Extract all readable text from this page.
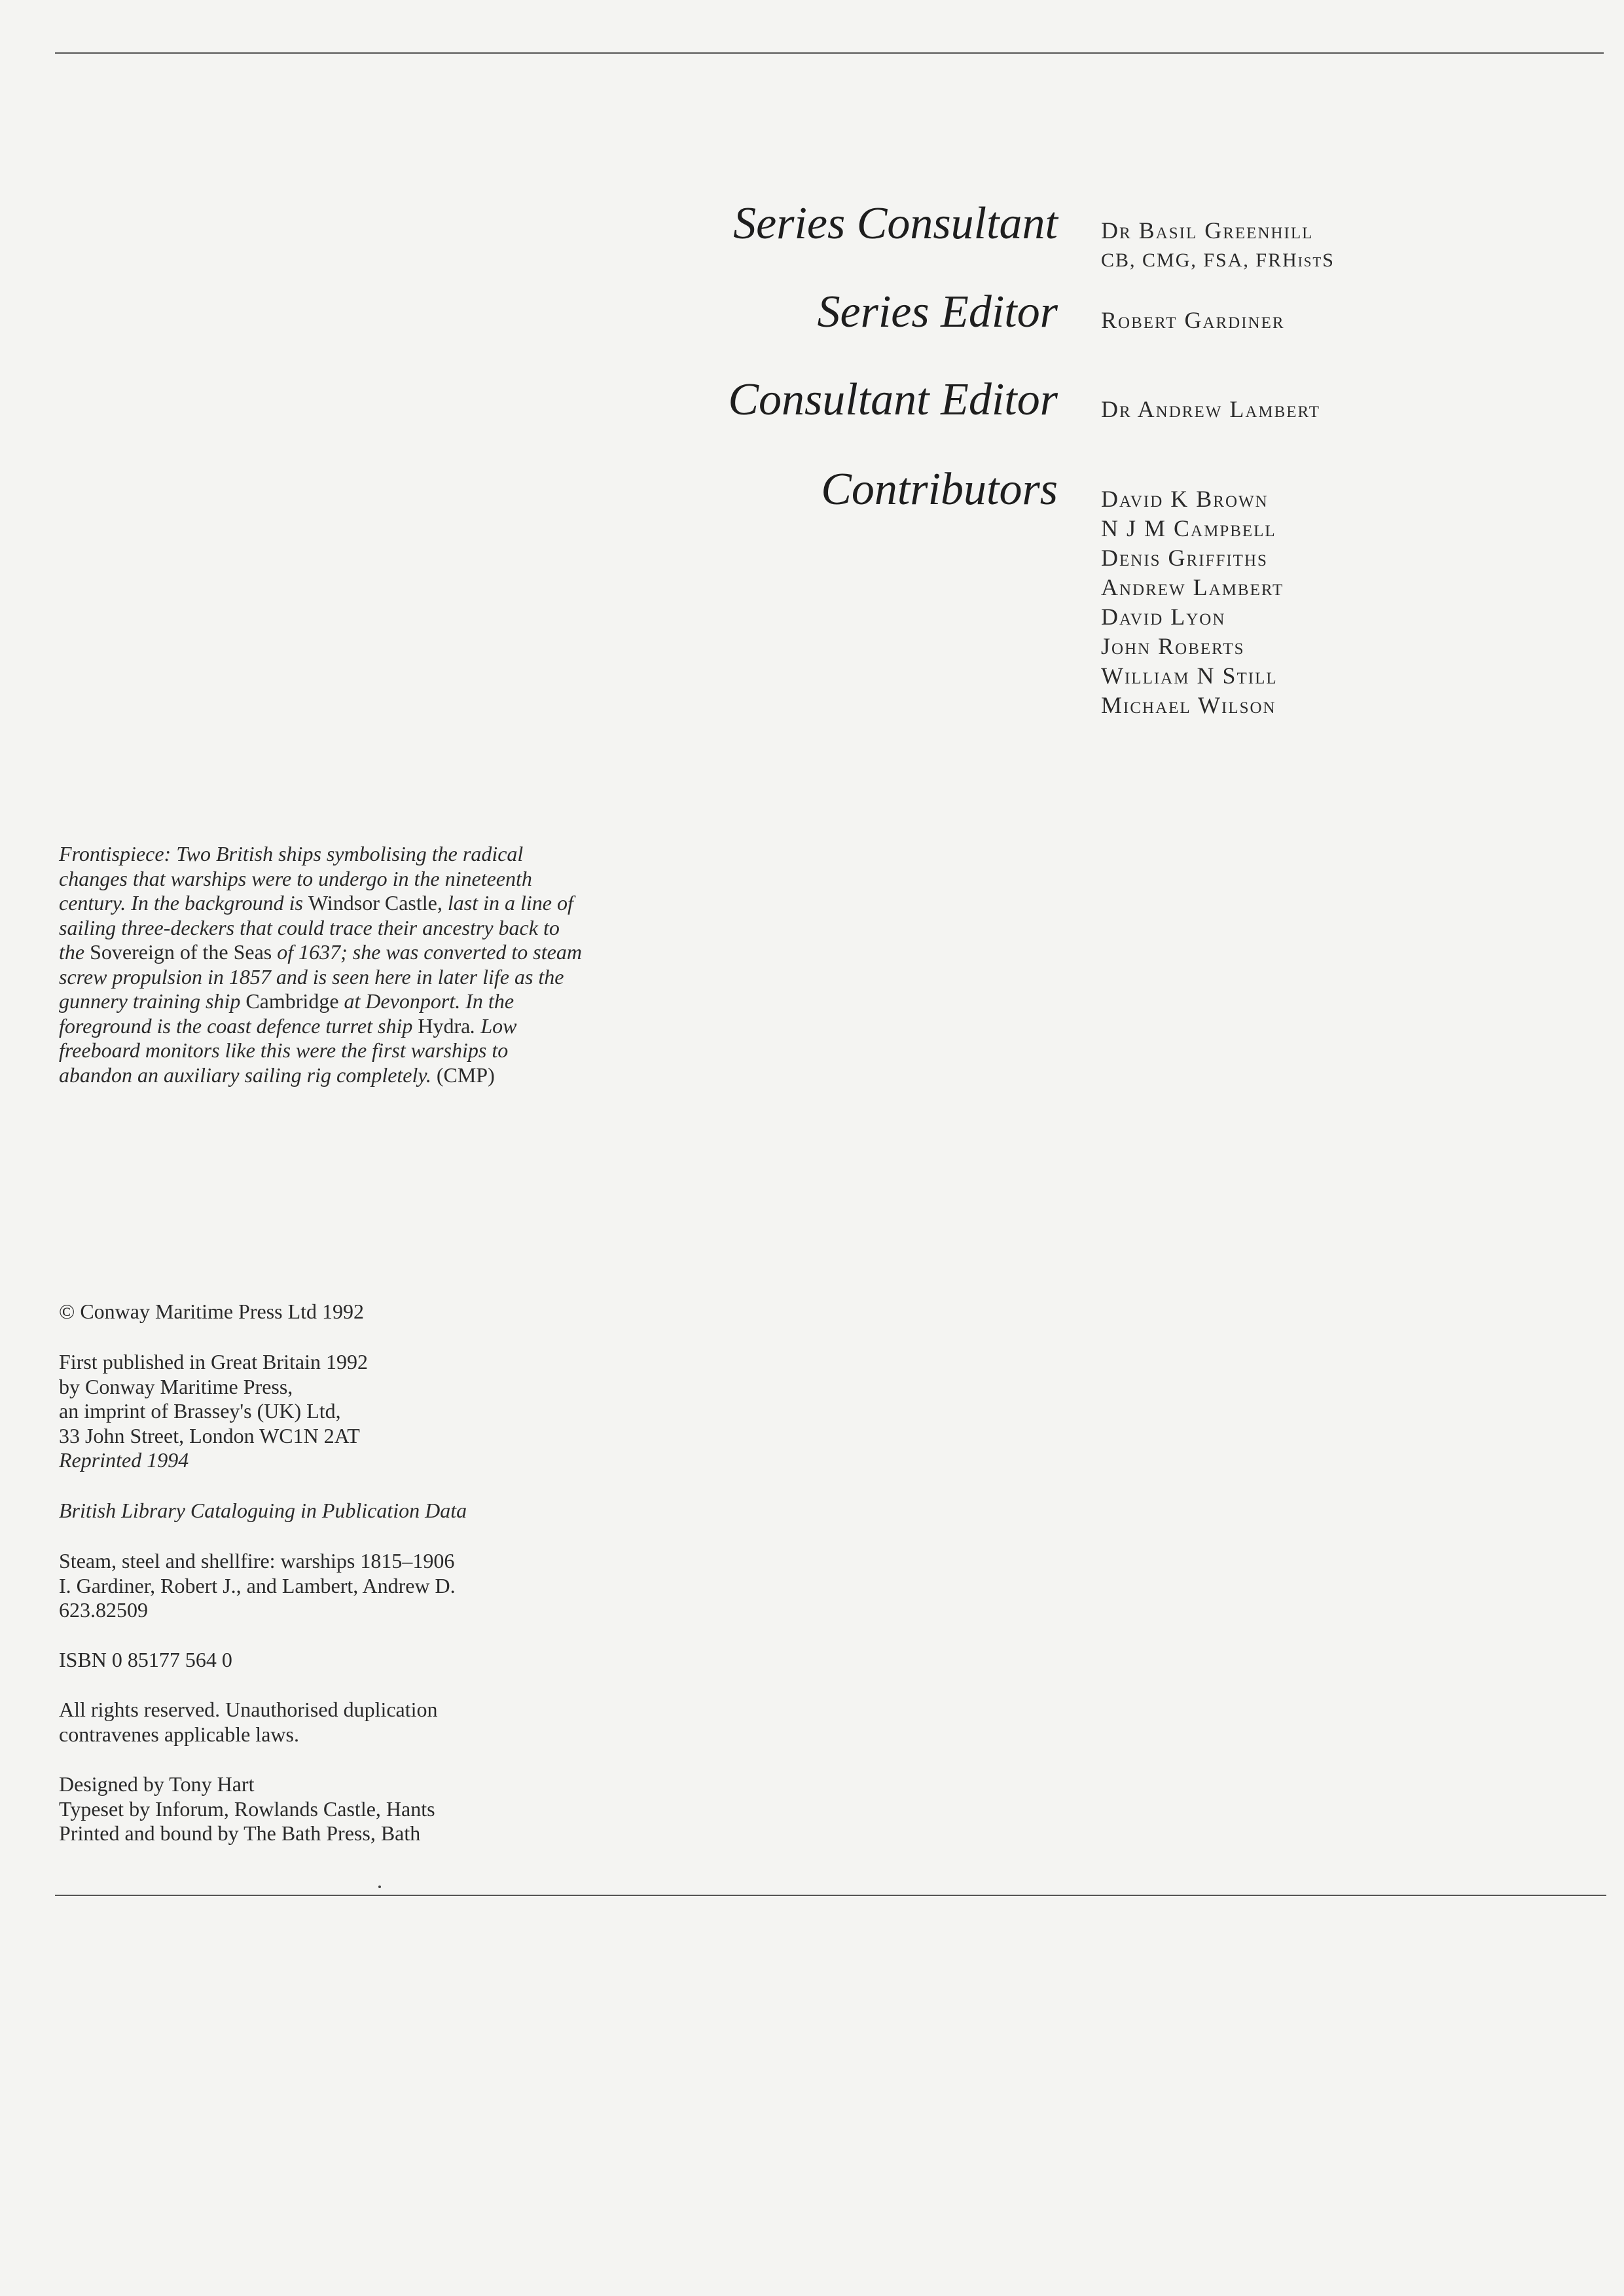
Series Consultant Dr Basil Greenhill
CB, CMG, FSA, FRHistS
Series Editor Robert Gardiner
Consultant Editor Dr Andrew Lambert
Contributors David K Brown
N J M Campbell
Denis Griffiths
Andrew Lambert
David Lyon
John Roberts
William N Still
Michael Wilson
Frontispiece: Two British ships symbolising the radical changes that warships were to undergo in the nineteenth century. In the background is Windsor Castle, last in a line of sailing three-deckers that could trace their ancestry back to the Sovereign of the Seas of 1637; she was converted to steam screw propulsion in 1857 and is seen here in later life as the gunnery training ship Cambridge at Devonport. In the foreground is the coast defence turret ship Hydra. Low freeboard monitors like this were the first warships to abandon an auxiliary sailing rig completely. (CMP)
© Conway Maritime Press Ltd 1992
First published in Great Britain 1992
by Conway Maritime Press,
an imprint of Brassey's (UK) Ltd,
33 John Street, London WC1N 2AT
Reprinted 1994
British Library Cataloguing in Publication Data
Steam, steel and shellfire: warships 1815–1906
I. Gardiner, Robert J., and Lambert, Andrew D.
623.82509
ISBN 0 85177 564 0
All rights reserved. Unauthorised duplication
contravenes applicable laws.
Designed by Tony Hart
Typeset by Inforum, Rowlands Castle, Hants
Printed and bound by The Bath Press, Bath
